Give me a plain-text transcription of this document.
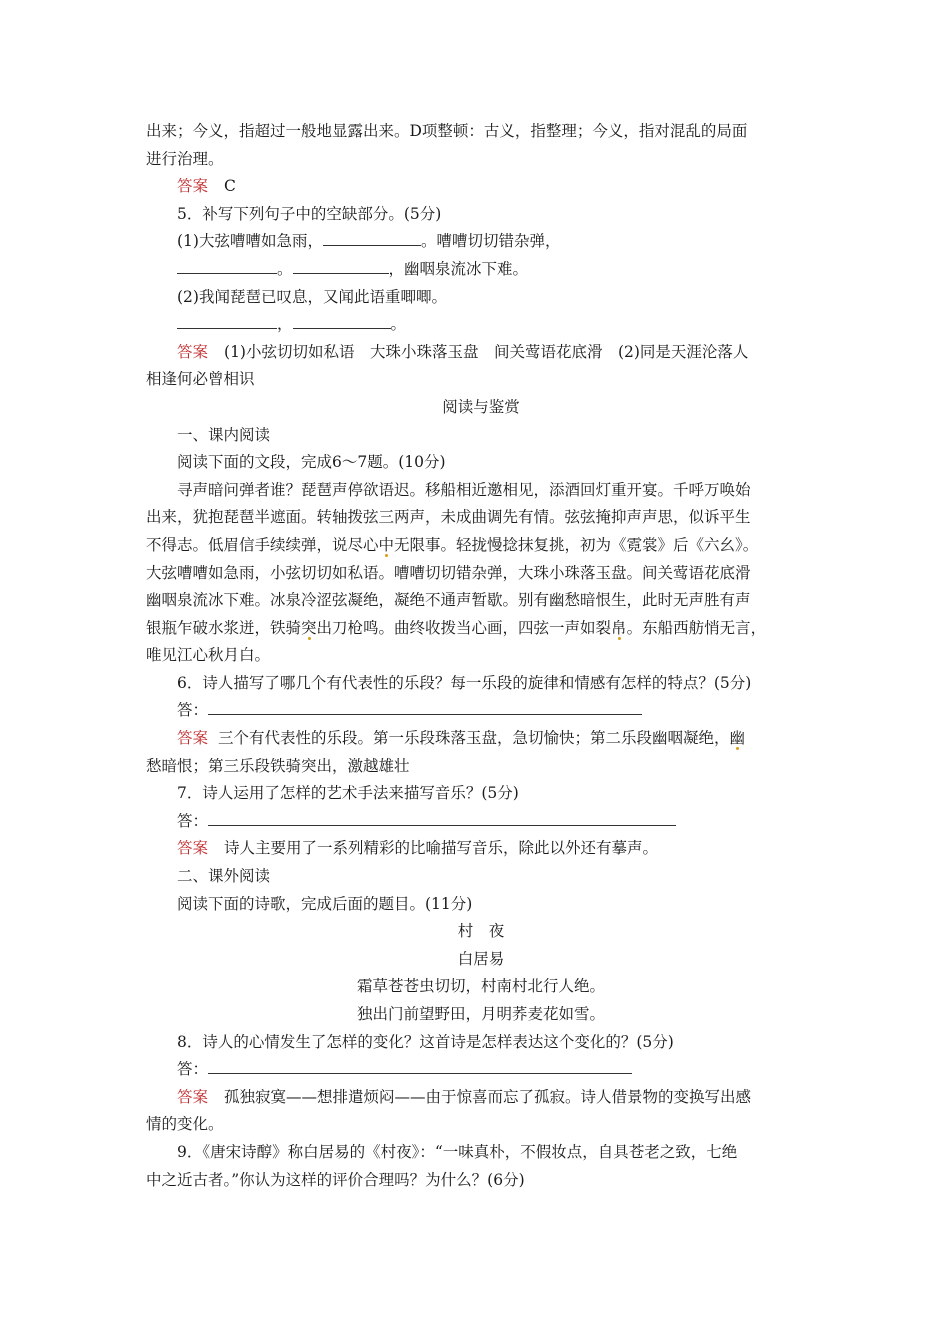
出来；今义，指超过一般地显露出来。D项整顿：古义，指整理；今义，指对混乱的局面
进行治理。
答案 C
5．补写下列句子中的空缺部分。(5分)
(1)大弦嘈嘈如急雨，	。嘈嘈切切错杂弹，
。	，幽咽泉流冰下难。
(2)我闻琵琶已叹息，又闻此语重唧唧。
，	。
答案 (1)小弦切切如私语　大珠小珠落玉盘　间关莺语花底滑　(2)同是天涯沦落人
相逢何必曾相识
阅读与鉴赏
一、课内阅读
阅读下面的文段，完成6～7题。(10分)
寻声暗问弹者谁？琵琶声停欲语迟。移船相近邀相见，添酒回灯重开宴。千呼万唤始
出来，犹抱琵琶半遮面。转轴拨弦三两声，未成曲调先有情。弦弦掩抑声声思，似诉平生
不得志。低眉信手续续弹，说尽心中无限事。轻拢慢捻抹复挑，初为《霓裳》后《六幺》。
大弦嘈嘈如急雨，小弦切切如私语。嘈嘈切切错杂弹，大珠小珠落玉盘。间关莺语花底滑
幽咽泉流冰下难。冰泉冷涩弦凝绝，凝绝不通声暂歇。别有幽愁暗恨生，此时无声胜有声
银瓶乍破水浆迸，铁骑突出刀枪鸣。曲终收拨当心画，四弦一声如裂帛。东船西舫悄无言，
唯见江心秋月白。
6．诗人描写了哪几个有代表性的乐段？每一乐段的旋律和情感有怎样的特点？(5分)
答：
答案 三个有代表性的乐段。第一乐段珠落玉盘，急切愉快；第二乐段幽咽凝绝，幽
愁暗恨；第三乐段铁骑突出，激越雄壮
7．诗人运用了怎样的艺术手法来描写音乐？(5分)
答：
答案 诗人主要用了一系列精彩的比喻描写音乐，除此以外还有摹声。
二、课外阅读
阅读下面的诗歌，完成后面的题目。(11分)
村　夜
白居易
霜草苍苍虫切切，村南村北行人绝。
独出门前望野田，月明荞麦花如雪。
8．诗人的心情发生了怎样的变化？这首诗是怎样表达这个变化的？(5分)
答：
答案 孤独寂寞——想排遣烦闷——由于惊喜而忘了孤寂。诗人借景物的变换写出感
情的变化。
9．《唐宋诗醇》称白居易的《村夜》：“一味真朴，不假妆点，自具苍老之致，七绝
中之近古者。”你认为这样的评价合理吗？为什么？(6分)
